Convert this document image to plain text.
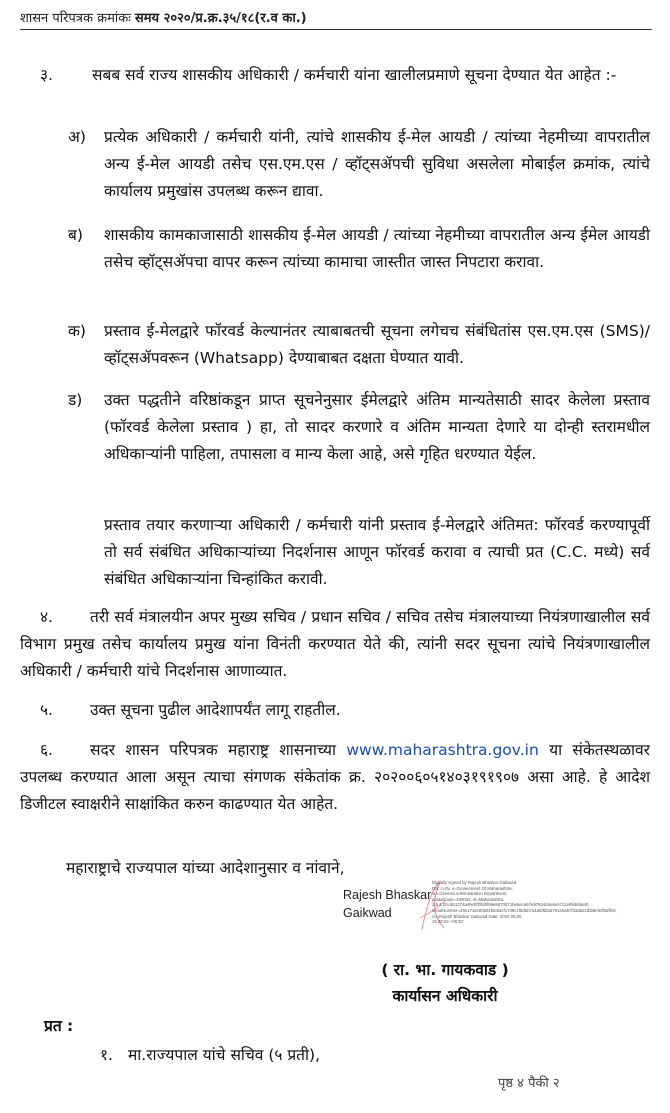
शासन परिपत्रक क्रमांकः समय २०२०/प्र.क्र.३५/१८(र.व का.)
३.	सबब सर्व राज्य शासकीय अधिकारी / कर्मचारी यांना खालीलप्रमाणे सूचना देण्यात येत आहेत :-
अ)	प्रत्येक अधिकारी / कर्मचारी यांनी, त्यांचे शासकीय ई-मेल आयडी / त्यांच्या नेहमीच्या वापरातील अन्य ई-मेल आयडी तसेच एस.एम.एस / व्हॉट्सॲपची सुविधा असलेला मोबाईल क्रमांक, त्यांचे कार्यालय प्रमुखांस उपलब्ध करून द्यावा.
ब)	शासकीय कामकाजासाठी शासकीय ई-मेल आयडी / त्यांच्या नेहमीच्या वापरातील अन्य ईमेल आयडी तसेच व्हॉट्सॲपचा वापर करून त्यांच्या कामाचा जास्तीत जास्त निपटारा करावा.
क)	प्रस्ताव ई-मेलद्वारे फॉरवर्ड केल्यानंतर त्याबाबतची सूचना लगेचच संबंधितांस एस.एम.एस (SMS)/ व्हॉट्सॲपवरून (Whatsapp) देण्याबाबत दक्षता घेण्यात यावी.
ड)	उक्त पद्धतीने वरिष्ठांकडून प्राप्त सूचनेनुसार ईमेलद्वारे अंतिम मान्यतेसाठी सादर केलेला प्रस्ताव (फॉरवर्ड केलेला प्रस्ताव ) हा, तो सादर करणारे व अंतिम मान्यता देणारे या दोन्ही स्तरामधील अधिकाऱ्यांनी पाहिला, तपासला व मान्य केला आहे, असे गृहित धरण्यात येईल.
प्रस्ताव तयार करणाऱ्या अधिकारी / कर्मचारी यांनी प्रस्ताव ई-मेलद्वारे अंतिमत: फॉरवर्ड करण्यापूर्वी तो सर्व संबंधित अधिकाऱ्यांच्या निदर्शनास आणून फॉरवर्ड करावा व त्याची प्रत (C.C. मध्ये) सर्व संबंधित अधिकाऱ्यांना चिन्हांकित करावी.
४. तरी सर्व मंत्रालयीन अपर मुख्य सचिव / प्रधान सचिव / सचिव तसेच मंत्रालयाच्या नियंत्रणाखालील सर्व विभाग प्रमुख तसेच कार्यालय प्रमुख यांना विनंती करण्यात येते की, त्यांनी सदर सूचना त्यांचे नियंत्रणाखालील अधिकारी / कर्मचारी यांचे निदर्शनास आणाव्यात.
५. उक्त सूचना पुढील आदेशापर्यंत लागू राहतील.
६. सदर शासन परिपत्रक महाराष्ट्र शासनाच्या www.maharashtra.gov.in या संकेतस्थळावर उपलब्ध करण्यात आला असून त्याचा संगणक संकेतांक क्र. २०२००६०५१४०३१९१९०७ असा आहे. हे आदेश डिजीटल स्वाक्षरीने साक्षांकित करुन काढण्यात येत आहेत.
महाराष्ट्राचे राज्यपाल यांच्या आदेशानुसार व नांवाने,
Rajesh Bhaskar
Gaikwad
Digitally signed by Rajesh Bhaskar Gaikwad DN: c=IN, o=Government Of Maharashtra, ou=General Administration Department, postalCode=400032, st=Maharashtra, 2.5.4.20=5b1374a49e0ff0fd0f89e5970b71be5eca97e97624d4e6e97c2e8feb55e5f, serialNumber=29e1716c90a81f8c53cf1739c1f8d6b7a1a6f6b3a791e6a57f33ab21fbb8e02f0dffe0, cn=Rajesh Bhaskar Gaikwad Date: 2020.06.05 15:30:02 +05'30'
( रा. भा. गायकवाड )
कार्यासन अधिकारी
प्रत :
१. मा.राज्यपाल यांचे सचिव (५ प्रती),
पृष्ठ ४ पैकी २
